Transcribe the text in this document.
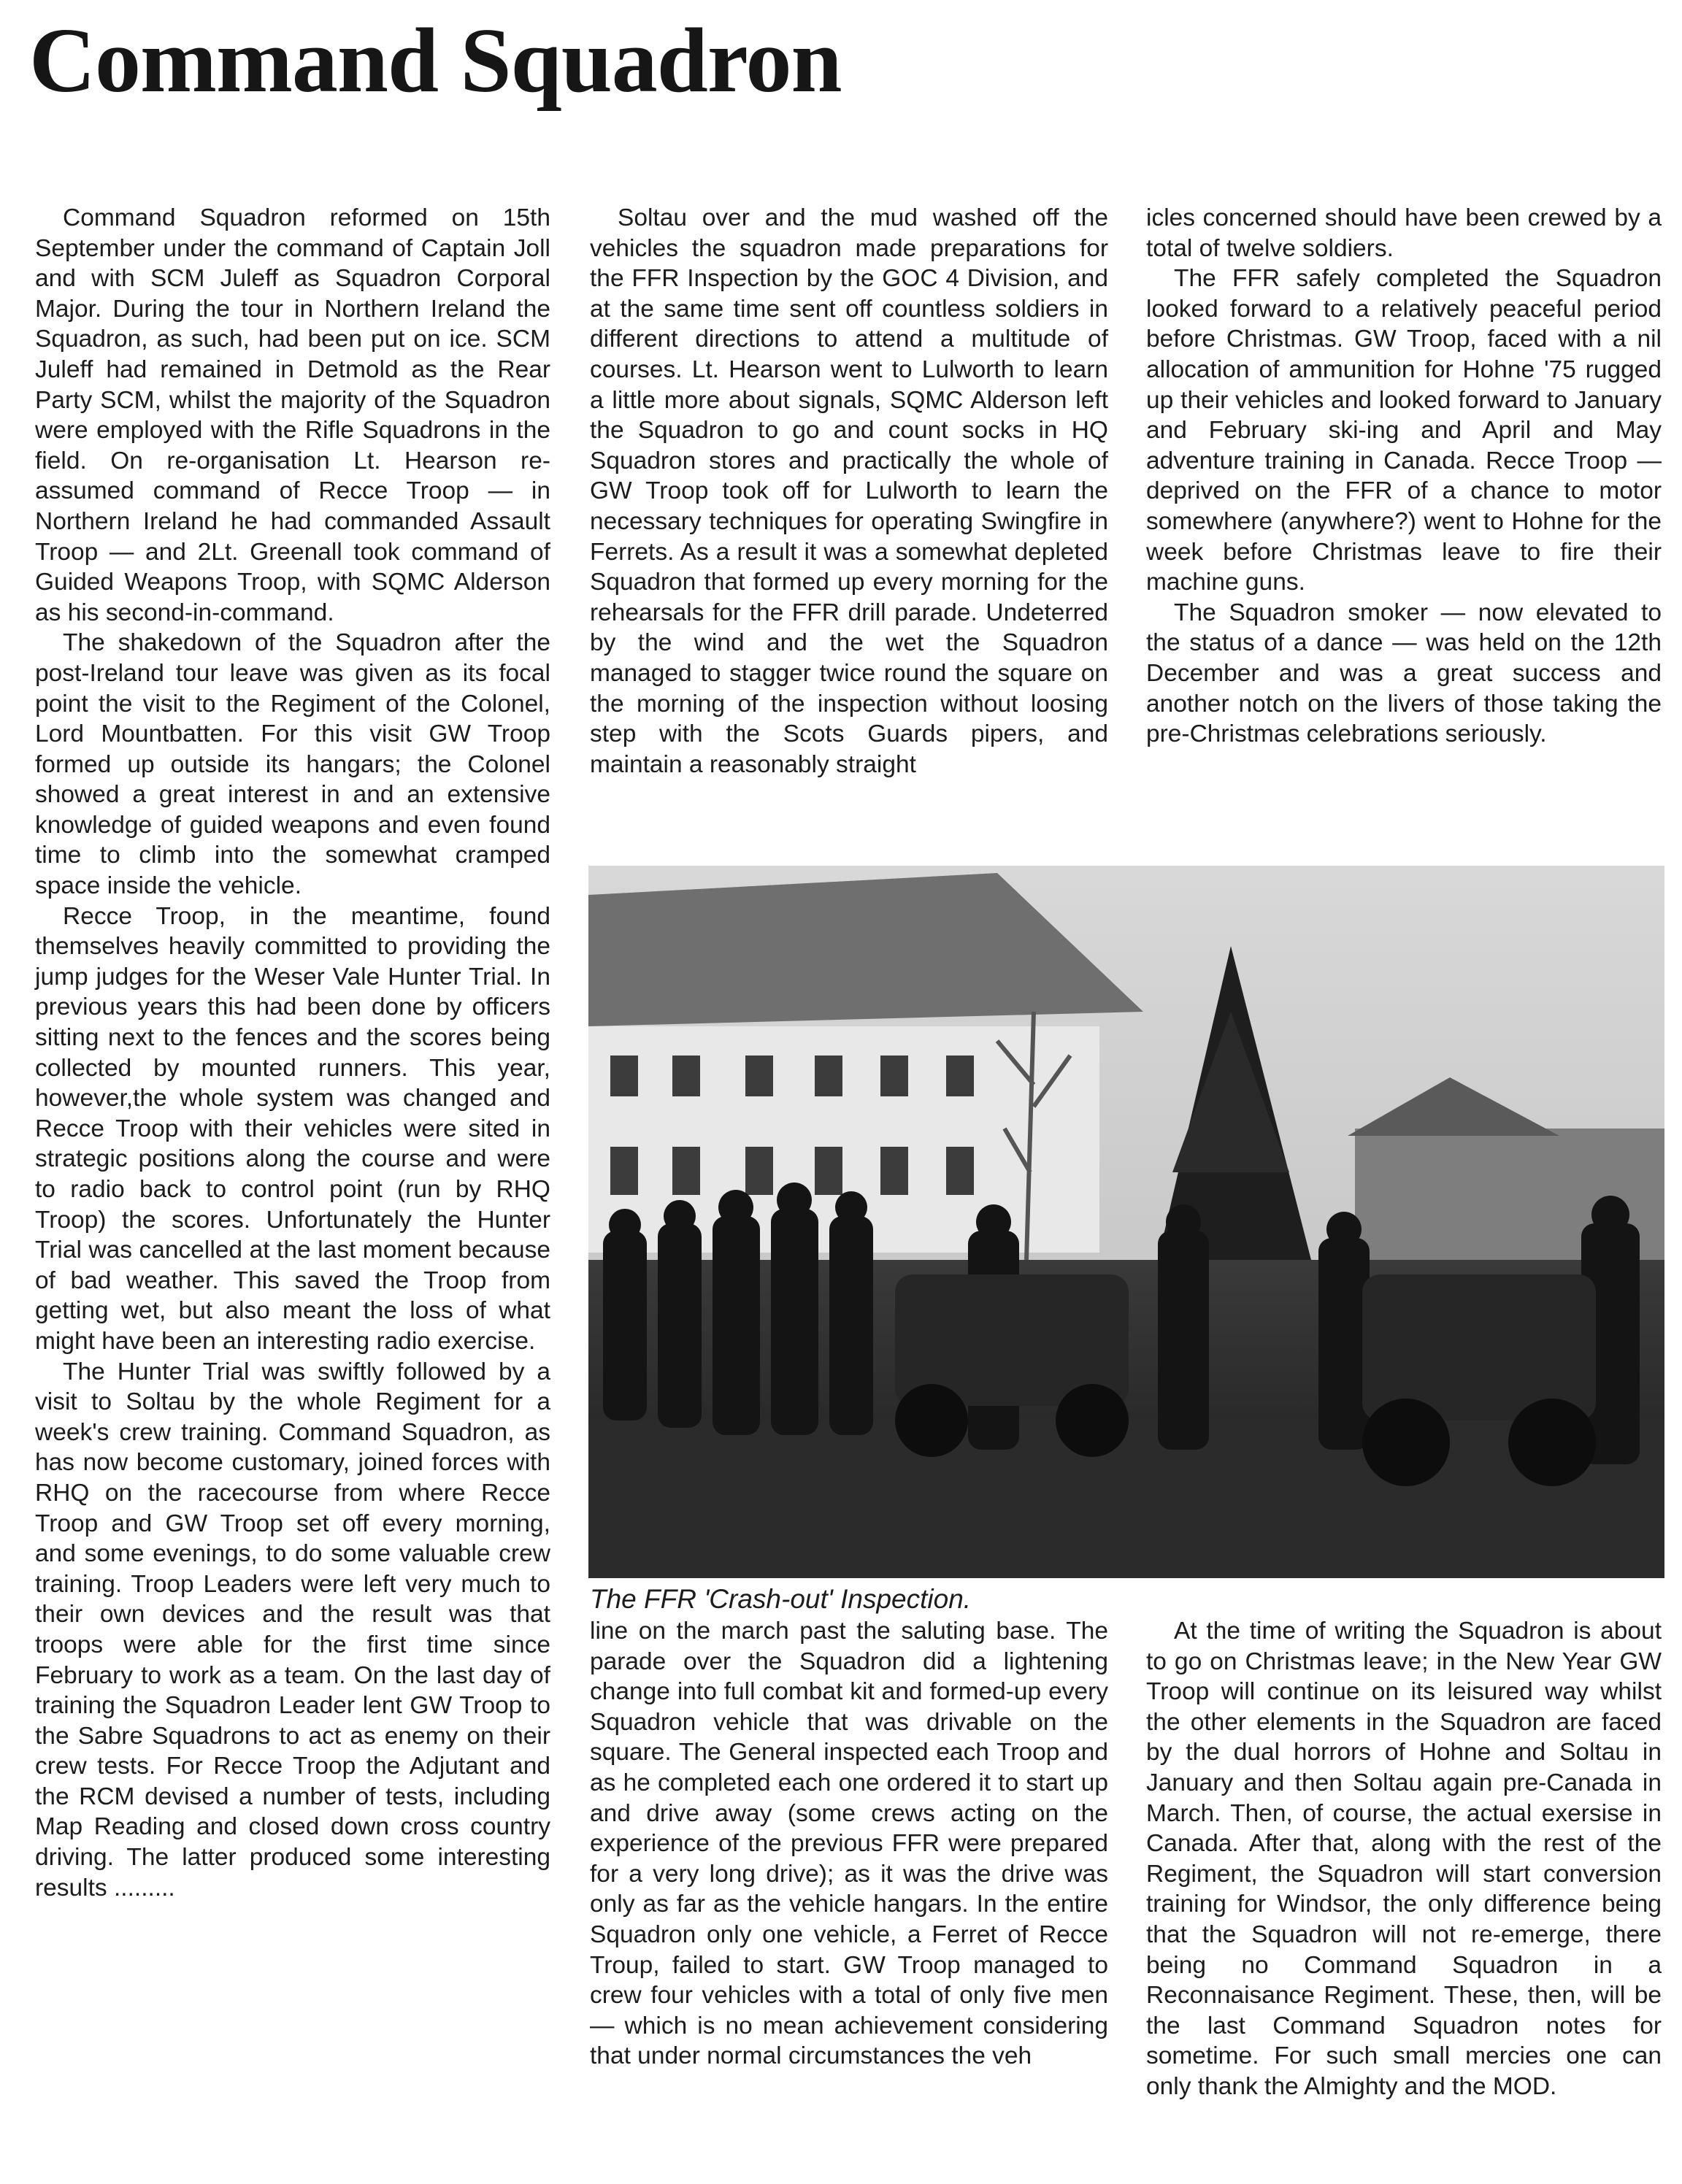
Command Squadron

Command Squadron reformed on 15th September under the command of Captain Joll and with SCM Juleff as Squadron Corporal Major. During the tour in Northern Ireland the Squadron, as such, had been put on ice. SCM Juleff had remained in Detmold as the Rear Party SCM, whilst the majority of the Squadron were employed with the Rifle Squadrons in the field. On re-organisation Lt. Hearson reassumed command of Recce Troop — in Northern Ireland he had commanded Assault Troop — and 2Lt. Greenall took command of Guided Weapons Troop, with SQMC Alderson as his second-in-command.

The shakedown of the Squadron after the post-Ireland tour leave was given as its focal point the visit to the Regiment of the Colonel, Lord Mountbatten. For this visit GW Troop formed up outside its hangars; the Colonel showed a great interest in and an extensive knowledge of guided weapons and even found time to climb into the somewhat cramped space inside the vehicle.

Recce Troop, in the meantime, found themselves heavily committed to providing the jump judges for the Weser Vale Hunter Trial. In previous years this had been done by officers sitting next to the fences and the scores being collected by mounted runners. This year, however,the whole system was changed and Recce Troop with their vehicles were sited in strategic positions along the course and were to radio back to control point (run by RHQ Troop) the scores. Unfortunately the Hunter Trial was cancelled at the last moment because of bad weather. This saved the Troop from getting wet, but also meant the loss of what might have been an interesting radio exercise.

The Hunter Trial was swiftly followed by a visit to Soltau by the whole Regiment for a week's crew training. Command Squadron, as has now become customary, joined forces with RHQ on the racecourse from where Recce Troop and GW Troop set off every morning, and some evenings, to do some valuable crew training. Troop Leaders were left very much to their own devices and the result was that troops were able for the first time since February to work as a team. On the last day of training the Squadron Leader lent GW Troop to the Sabre Squadrons to act as enemy on their crew tests. For Recce Troop the Adjutant and the RCM devised a number of tests, including Map Reading and closed down cross country driving. The latter produced some interesting results .........

Soltau over and the mud washed off the vehicles the squadron made preparations for the FFR Inspection by the GOC 4 Division, and at the same time sent off countless soldiers in different directions to attend a multitude of courses. Lt. Hearson went to Lulworth to learn a little more about signals, SQMC Alderson left the Squadron to go and count socks in HQ Squadron stores and practically the whole of GW Troop took off for Lulworth to learn the necessary techniques for operating Swingfire in Ferrets. As a result it was a somewhat depleted Squadron that formed up every morning for the rehearsals for the FFR drill parade. Undeterred by the wind and the wet the Squadron managed to stagger twice round the square on the morning of the inspection without loosing step with the Scots Guards pipers, and maintain a reasonably straight

icles concerned should have been crewed by a total of twelve soldiers.

The FFR safely completed the Squadron looked forward to a relatively peaceful period before Christmas. GW Troop, faced with a nil allocation of ammunition for Hohne '75 rugged up their vehicles and looked forward to January and February ski-ing and April and May adventure training in Canada. Recce Troop — deprived on the FFR of a chance to motor somewhere (anywhere?) went to Hohne for the week before Christmas leave to fire their machine guns.

The Squadron smoker — now elevated to the status of a dance — was held on the 12th December and was a great success and another notch on the livers of those taking the pre-Christmas celebrations seriously.

The FFR 'Crash-out' Inspection.

line on the march past the saluting base. The parade over the Squadron did a lightening change into full combat kit and formed-up every Squadron vehicle that was drivable on the square. The General inspected each Troop and as he completed each one ordered it to start up and drive away (some crews acting on the experience of the previous FFR were prepared for a very long drive); as it was the drive was only as far as the vehicle hangars. In the entire Squadron only one vehicle, a Ferret of Recce Troup, failed to start. GW Troop managed to crew four vehicles with a total of only five men — which is no mean achievement considering that under normal circumstances the veh

At the time of writing the Squadron is about to go on Christmas leave; in the New Year GW Troop will continue on its leisured way whilst the other elements in the Squadron are faced by the dual horrors of Hohne and Soltau in January and then Soltau again pre-Canada in March. Then, of course, the actual exersise in Canada. After that, along with the rest of the Regiment, the Squadron will start conversion training for Windsor, the only difference being that the Squadron will not re-emerge, there being no Command Squadron in a Reconnaisance Regiment. These, then, will be the last Command Squadron notes for sometime. For such small mercies one can only thank the Almighty and the MOD.
